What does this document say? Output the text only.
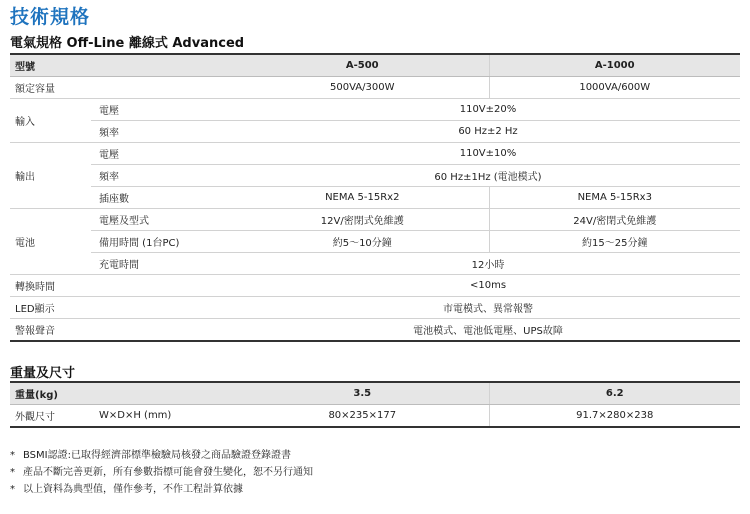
技術規格
電氣規格 Off-Line 離線式 Advanced
型號		A-500	A-1000
額定容量		500VA/300W	1000VA/600W
輸入	電壓	110V±20%	
	頻率	60 Hz±2 Hz	
輸出	電壓	110V±10%	
	頻率	60 Hz±1Hz (電池模式)	
	插座數	NEMA 5-15Rx2	NEMA 5-15Rx3
電池	電壓及型式	12V/密閉式免維護	24V/密閉式免維護
	備用時間 (1台PC)	約5～10分鐘	約15～25分鐘
	充電時間	12小時	
轉換時間		<10ms	
LED顯示		市電模式、異常報警	
警報聲音		電池模式、電池低電壓、UPS故障	
重量及尺寸
重量(kg)		3.5	6.2
外觀尺寸	W×D×H (mm)	80×235×177	91.7×280×238
* BSMI認證:已取得經濟部標準檢驗局核發之商品驗證登錄證書
* 產品不斷完善更新，所有參數指標可能會發生變化，恕不另行通知
* 以上資料為典型值，僅作參考，不作工程計算依據
